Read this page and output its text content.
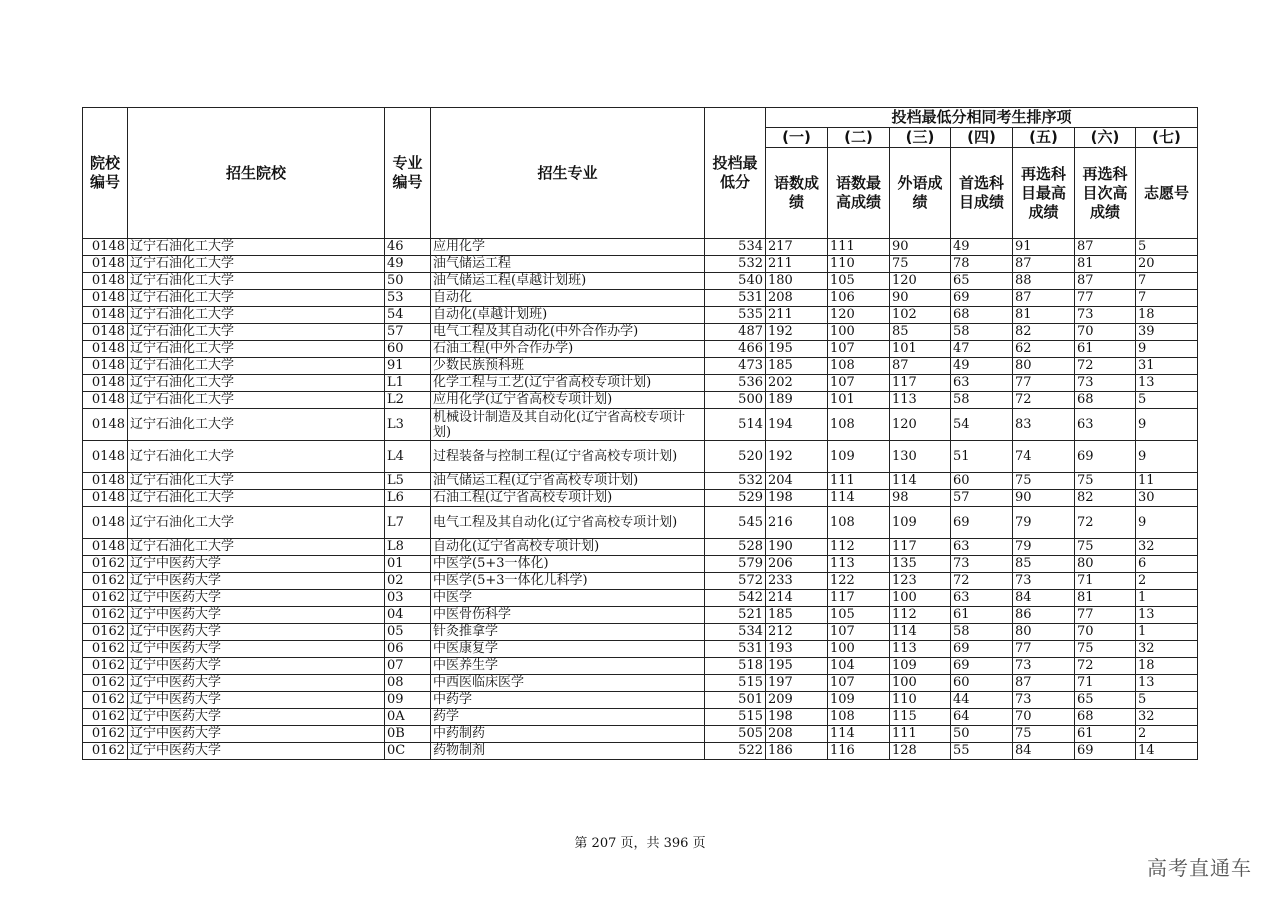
院校编号	招生院校	专业编号	招生专业	投档最低分	投档最低分相同考生排序项						
					(一)	(二)	(三)	(四)	(五)	(六)	(七)
					语数成绩	语数最高成绩	外语成绩	首选科目成绩	再选科目最高成绩	再选科目次高成绩	志愿号
0148	辽宁石油化工大学	46	应用化学	534	217	111	90	49	91	87	5
0148	辽宁石油化工大学	49	油气储运工程	532	211	110	75	78	87	81	20
0148	辽宁石油化工大学	50	油气储运工程(卓越计划班)	540	180	105	120	65	88	87	7
0148	辽宁石油化工大学	53	自动化	531	208	106	90	69	87	77	7
0148	辽宁石油化工大学	54	自动化(卓越计划班)	535	211	120	102	68	81	73	18
0148	辽宁石油化工大学	57	电气工程及其自动化(中外合作办学)	487	192	100	85	58	82	70	39
0148	辽宁石油化工大学	60	石油工程(中外合作办学)	466	195	107	101	47	62	61	9
0148	辽宁石油化工大学	91	少数民族预科班	473	185	108	87	49	80	72	31
0148	辽宁石油化工大学	L1	化学工程与工艺(辽宁省高校专项计划)	536	202	107	117	63	77	73	13
0148	辽宁石油化工大学	L2	应用化学(辽宁省高校专项计划)	500	189	101	113	58	72	68	5
0148	辽宁石油化工大学	L3	机械设计制造及其自动化(辽宁省高校专项计划)	514	194	108	120	54	83	63	9
0148	辽宁石油化工大学	L4	过程装备与控制工程(辽宁省高校专项计划)	520	192	109	130	51	74	69	9
0148	辽宁石油化工大学	L5	油气储运工程(辽宁省高校专项计划)	532	204	111	114	60	75	75	11
0148	辽宁石油化工大学	L6	石油工程(辽宁省高校专项计划)	529	198	114	98	57	90	82	30
0148	辽宁石油化工大学	L7	电气工程及其自动化(辽宁省高校专项计划)	545	216	108	109	69	79	72	9
0148	辽宁石油化工大学	L8	自动化(辽宁省高校专项计划)	528	190	112	117	63	79	75	32
0162	辽宁中医药大学	01	中医学(5+3一体化)	579	206	113	135	73	85	80	6
0162	辽宁中医药大学	02	中医学(5+3一体化儿科学)	572	233	122	123	72	73	71	2
0162	辽宁中医药大学	03	中医学	542	214	117	100	63	84	81	1
0162	辽宁中医药大学	04	中医骨伤科学	521	185	105	112	61	86	77	13
0162	辽宁中医药大学	05	针灸推拿学	534	212	107	114	58	80	70	1
0162	辽宁中医药大学	06	中医康复学	531	193	100	113	69	77	75	32
0162	辽宁中医药大学	07	中医养生学	518	195	104	109	69	73	72	18
0162	辽宁中医药大学	08	中西医临床医学	515	197	107	100	60	87	71	13
0162	辽宁中医药大学	09	中药学	501	209	109	110	44	73	65	5
0162	辽宁中医药大学	0A	药学	515	198	108	115	64	70	68	32
0162	辽宁中医药大学	0B	中药制药	505	208	114	111	50	75	61	2
0162	辽宁中医药大学	0C	药物制剂	522	186	116	128	55	84	69	14
第 207 页，共 396 页
高考直通车
